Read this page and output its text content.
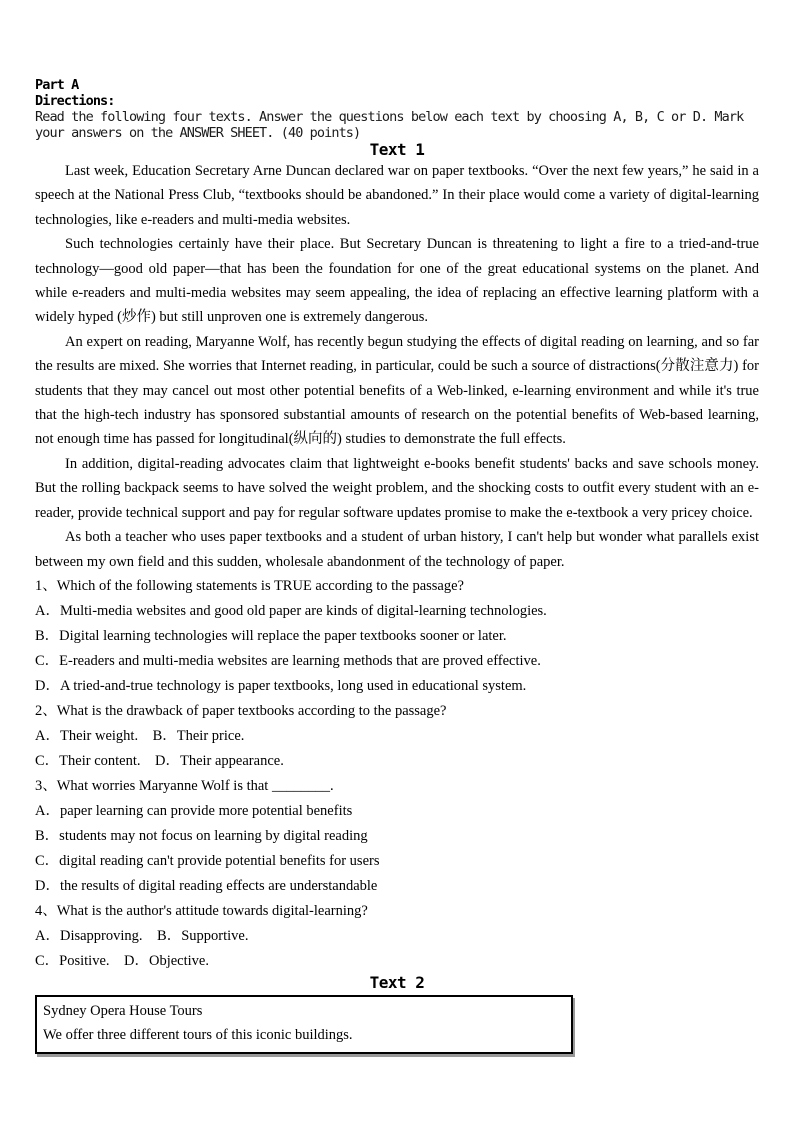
Part A
Directions:
Read the following four texts. Answer the questions below each text by choosing A, B, C or D. Mark your answers on the ANSWER SHEET. (40 points)
Text 1
Last week, Education Secretary Arne Duncan declared war on paper textbooks. “Over the next few years,” he said in a speech at the National Press Club, “textbooks should be abandoned.” In their place would come a variety of digital-learning technologies, like e-readers and multi-media websites.
Such technologies certainly have their place. But Secretary Duncan is threatening to light a fire to a tried-and-true technology—good old paper—that has been the foundation for one of the great educational systems on the planet. And while e-readers and multi-media websites may seem appealing, the idea of replacing an effective learning platform with a widely hyped (炒作) but still unproven one is extremely dangerous.
An expert on reading, Maryanne Wolf, has recently begun studying the effects of digital reading on learning, and so far the results are mixed. She worries that Internet reading, in particular, could be such a source of distractions(分散注意力) for students that they may cancel out most other potential benefits of a Web-linked, e-learning environment and while it's true that the high-tech industry has sponsored substantial amounts of research on the potential benefits of Web-based learning, not enough time has passed for longitudinal(纵向的) studies to demonstrate the full effects.
In addition, digital-reading advocates claim that lightweight e-books benefit students' backs and save schools money. But the rolling backpack seems to have solved the weight problem, and the shocking costs to outfit every student with an e-reader, provide technical support and pay for regular software updates promise to make the e-textbook a very pricey choice.
As both a teacher who uses paper textbooks and a student of urban history, I can't help but wonder what parallels exist between my own field and this sudden, wholesale abandonment of the technology of paper.
1、Which of the following statements is TRUE according to the passage?
A．Multi-media websites and good old paper are kinds of digital-learning technologies.
B．Digital learning technologies will replace the paper textbooks sooner or later.
C．E-readers and multi-media websites are learning methods that are proved effective.
D．A tried-and-true technology is paper textbooks, long used in educational system.
2、What is the drawback of paper textbooks according to the passage?
A．Their weight.    B．Their price.
C．Their content.    D．Their appearance.
3、What worries Maryanne Wolf is that ________.
A．paper learning can provide more potential benefits
B．students may not focus on learning by digital reading
C．digital reading can't provide potential benefits for users
D．the results of digital reading effects are understandable
4、What is the author's attitude towards digital-learning?
A．Disapproving.    B．Supportive.
C．Positive.    D．Objective.
Text 2
Sydney Opera House Tours
We offer three different tours of this iconic buildings.
